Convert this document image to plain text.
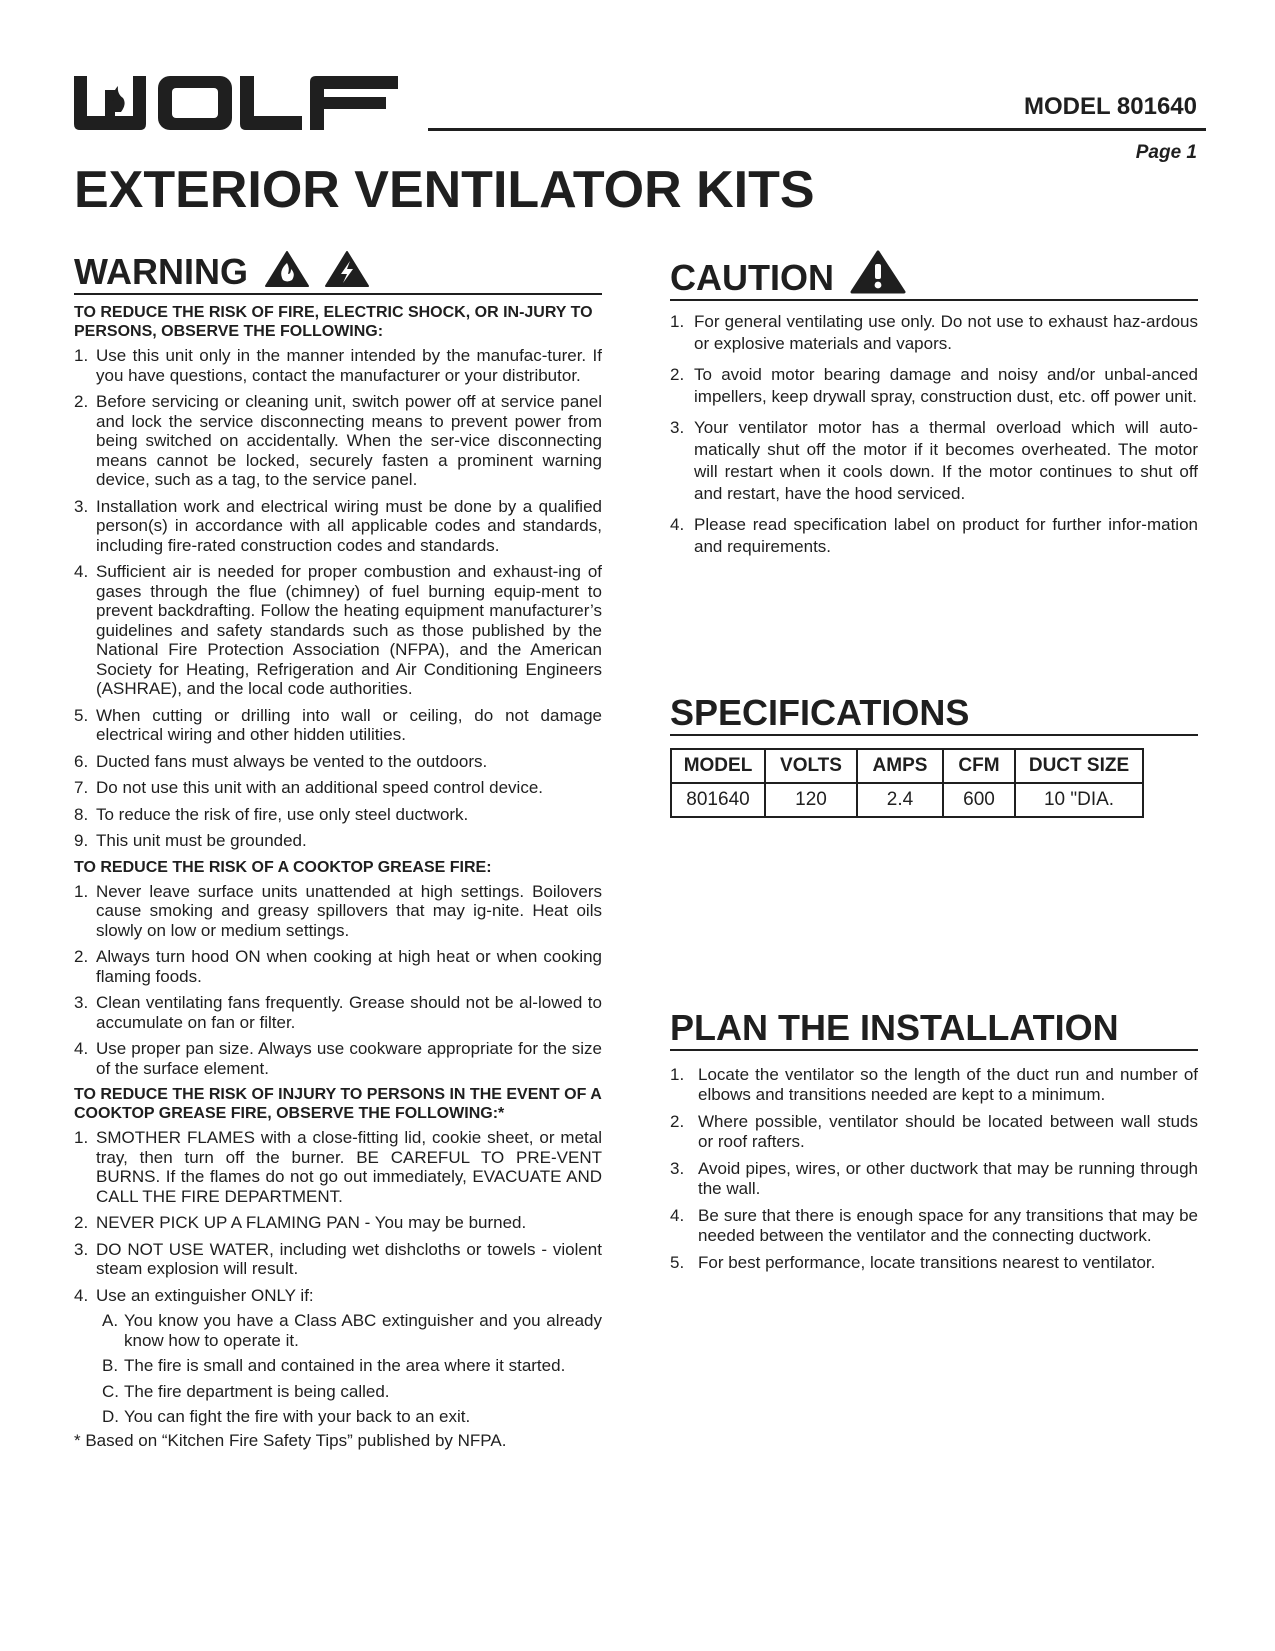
MODEL 801640
Page 1
EXTERIOR VENTILATOR KITS
WARNING
TO REDUCE THE RISK OF FIRE, ELECTRIC SHOCK, OR IN-JURY TO PERSONS, OBSERVE THE FOLLOWING:
1. Use this unit only in the manner intended by the manufac-turer. If you have questions, contact the manufacturer or your distributor.
2. Before servicing or cleaning unit, switch power off at service panel and lock the service disconnecting means to prevent power from being switched on accidentally. When the ser-vice disconnecting means cannot be locked, securely fasten a prominent warning device, such as a tag, to the service panel.
3. Installation work and electrical wiring must be done by a qualified person(s) in accordance with all applicable codes and standards, including fire-rated construction codes and standards.
4. Sufficient air is needed for proper combustion and exhaust-ing of gases through the flue (chimney) of fuel burning equip-ment to prevent backdrafting. Follow the heating equipment manufacturer’s guidelines and safety standards such as those published by the National Fire Protection Association (NFPA), and the American Society for Heating, Refrigeration and Air Conditioning Engineers (ASHRAE), and the local code authorities.
5. When cutting or drilling into wall or ceiling, do not damage electrical wiring and other hidden utilities.
6. Ducted fans must always be vented to the outdoors.
7. Do not use this unit with an additional speed control device.
8. To reduce the risk of fire, use only steel ductwork.
9. This unit must be grounded.
TO REDUCE THE RISK OF A COOKTOP GREASE FIRE:
1. Never leave surface units unattended at high settings. Boilovers cause smoking and greasy spillovers that may ig-nite. Heat oils slowly on low or medium settings.
2. Always turn hood ON when cooking at high heat or when cooking flaming foods.
3. Clean ventilating fans frequently. Grease should not be al-lowed to accumulate on fan or filter.
4. Use proper pan size. Always use cookware appropriate for the size of the surface element.
TO REDUCE THE RISK OF INJURY TO PERSONS IN THE EVENT OF A COOKTOP GREASE FIRE, OBSERVE THE FOLLOWING:*
1. SMOTHER FLAMES with a close-fitting lid, cookie sheet, or metal tray, then turn off the burner. BE CAREFUL TO PRE-VENT BURNS. If the flames do not go out immediately, EVACUATE AND CALL THE FIRE DEPARTMENT.
2. NEVER PICK UP A FLAMING PAN - You may be burned.
3. DO NOT USE WATER, including wet dishcloths or towels - violent steam explosion will result.
4. Use an extinguisher ONLY if:
A. You know you have a Class ABC extinguisher and you already know how to operate it.
B. The fire is small and contained in the area where it started.
C. The fire department is being called.
D. You can fight the fire with your back to an exit.
* Based on “Kitchen Fire Safety Tips” published by NFPA.
CAUTION
1. For general ventilating use only. Do not use to exhaust haz-ardous or explosive materials and vapors.
2. To avoid motor bearing damage and noisy and/or unbal-anced impellers, keep drywall spray, construction dust, etc. off power unit.
3. Your ventilator motor has a thermal overload which will auto-matically shut off the motor if it becomes overheated. The motor will restart when it cools down. If the motor continues to shut off and restart, have the hood serviced.
4. Please read specification label on product for further infor-mation and requirements.
SPECIFICATIONS
MODEL	VOLTS	AMPS	CFM	DUCT SIZE
801640	120	2.4	600	10 "DIA.
PLAN THE INSTALLATION
1. Locate the ventilator so the length of the duct run and number of elbows and transitions needed are kept to a minimum.
2. Where possible, ventilator should be located between wall studs or roof rafters.
3. Avoid pipes, wires, or other ductwork that may be running through the wall.
4. Be sure that there is enough space for any transitions that may be needed between the ventilator and the connecting ductwork.
5. For best performance, locate transitions nearest to ventilator.
